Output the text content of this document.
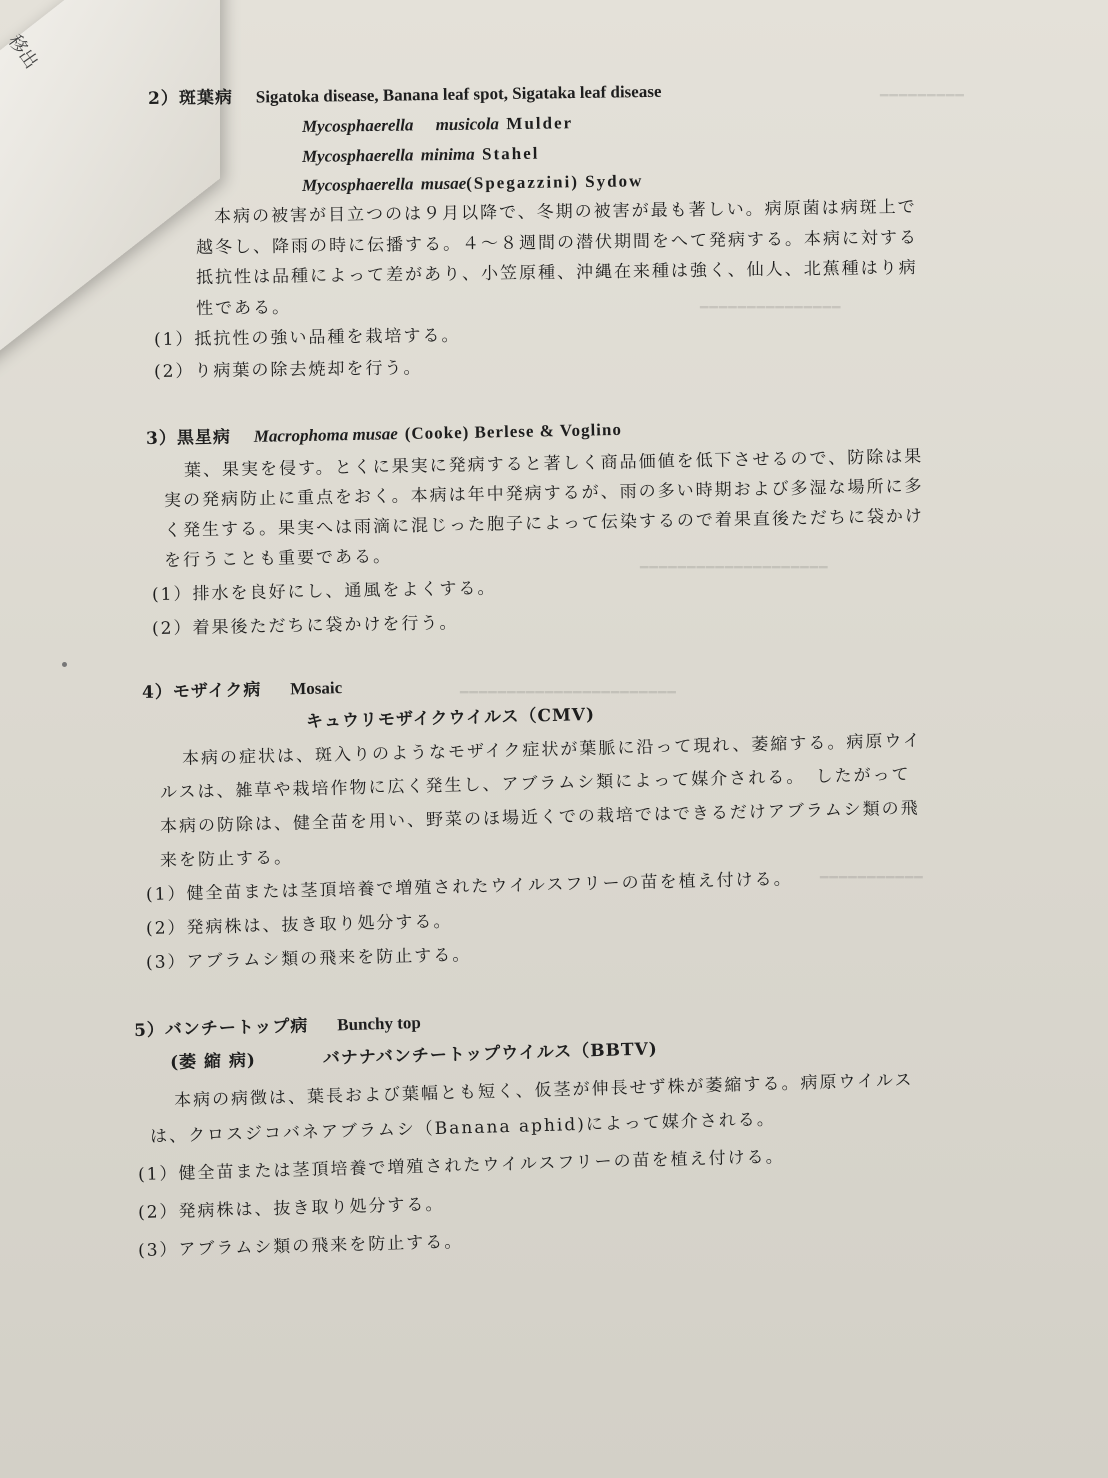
移出
━━━━━━━━━
━━━━━━━━━━━━━━━
━━━━━━━━━━━━━━━━━━━━
━━━━━━━━━━━━━━━━━━━━━━━
━━━━━━━━━━━
2）斑葉病 Sigatoka disease, Banana leaf spot, Sigataka leaf disease
Mycosphaerella musicola Mulder
Mycosphaerella minima Stahel
Mycosphaerella musae(Spegazzini) Sydow
本病の被害が目立つのは９月以降で、冬期の被害が最も著しい。病原菌は病斑上で
越冬し、降雨の時に伝播する。４～８週間の潜伏期間をへて発病する。本病に対する
抵抗性は品種によって差があり、小笠原種、沖縄在来種は強く、仙人、北蕉種はり病
性である。
(1）抵抗性の強い品種を栽培する。
(2）り病葉の除去焼却を行う。
3）黒星病 Macrophoma musae (Cooke) Berlese & Voglino
葉、果実を侵す。とくに果実に発病すると著しく商品価値を低下させるので、防除は果
実の発病防止に重点をおく。本病は年中発病するが、雨の多い時期および多湿な場所に多
く発生する。果実へは雨滴に混じった胞子によって伝染するので着果直後ただちに袋かけ
を行うことも重要である。
(1）排水を良好にし、通風をよくする。
(2）着果後ただちに袋かけを行う。
4）モザイク病 Mosaic
キュウリモザイクウイルス（CMV)
本病の症状は、斑入りのようなモザイク症状が葉脈に沿って現れ、萎縮する。病原ウイ
ルスは、雑草や栽培作物に広く発生し、アブラムシ類によって媒介される。　したがって
本病の防除は、健全苗を用い、野菜のほ場近くでの栽培ではできるだけアブラムシ類の飛
来を防止する。
(1）健全苗または茎頂培養で増殖されたウイルスフリーの苗を植え付ける。
(2）発病株は、抜き取り処分する。
(3）アブラムシ類の飛来を防止する。
5）バンチートップ病 Bunchy top
(萎 縮 病)	バナナバンチートップウイルス（BBTV)
本病の病徴は、葉長および葉幅とも短く、仮茎が伸長せず株が萎縮する。病原ウイルス
は、クロスジコバネアブラムシ（Banana aphid)によって媒介される。
(1）健全苗または茎頂培養で増殖されたウイルスフリーの苗を植え付ける。
(2）発病株は、抜き取り処分する。
(3）アブラムシ類の飛来を防止する。
